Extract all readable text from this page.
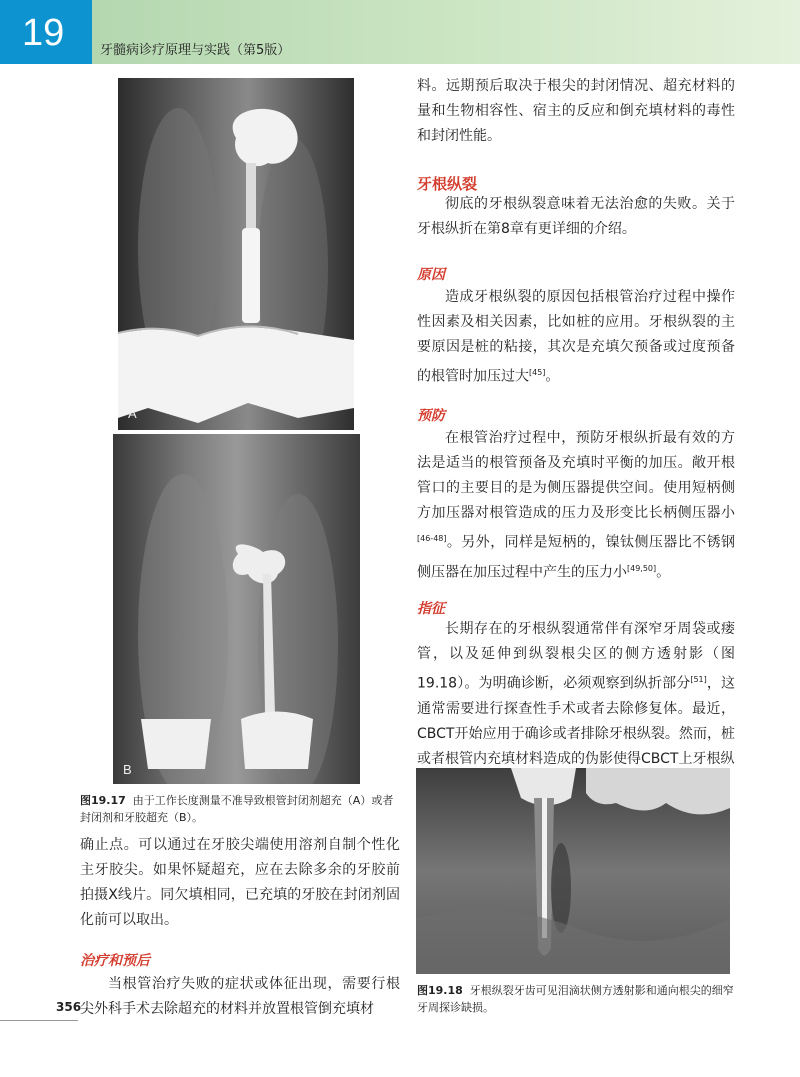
19	牙髓病诊疗原理与实践（第5版）
A
B
图19.17 由于工作长度测量不准导致根管封闭剂超充（A）或者封闭剂和牙胶超充（B）。

确止点。可以通过在牙胶尖端使用溶剂自制个性化主牙胶尖。如果怀疑超充，应在去除多余的牙胶前拍摄X线片。同欠填相同，已充填的牙胶在封闭剂固化前可以取出。

治疗和预后

当根管治疗失败的症状或体征出现，需要行根尖外科手术去除超充的材料并放置根管倒充填材

料。远期预后取决于根尖的封闭情况、超充材料的量和生物相容性、宿主的反应和倒充填材料的毒性和封闭性能。

牙根纵裂

彻底的牙根纵裂意味着无法治愈的失败。关于牙根纵折在第8章有更详细的介绍。

原因

造成牙根纵裂的原因包括根管治疗过程中操作性因素及相关因素，比如桩的应用。牙根纵裂的主要原因是桩的粘接，其次是充填欠预备或过度预备的根管时加压过大[45]。

预防

在根管治疗过程中，预防牙根纵折最有效的方法是适当的根管预备及充填时平衡的加压。敞开根管口的主要目的是为侧压器提供空间。使用短柄侧方加压器对根管造成的压力及形变比长柄侧压器小[46-48]。另外，同样是短柄的，镍钛侧压器比不锈钢侧压器在加压过程中产生的压力小[49,50]。

指征

长期存在的牙根纵裂通常伴有深窄牙周袋或瘘管，以及延伸到纵裂根尖区的侧方透射影（图19.18）。为明确诊断，必须观察到纵折部分[51]，这通常需要进行探查性手术或者去除修复体。最近，CBCT开始应用于确诊或者排除牙根纵裂。然而，桩或者根管内充填材料造成的伪影使得CBCT上牙根纵

图19.18 牙根纵裂牙齿可见泪滴状侧方透射影和通向根尖的细窄牙周探诊缺损。
356
